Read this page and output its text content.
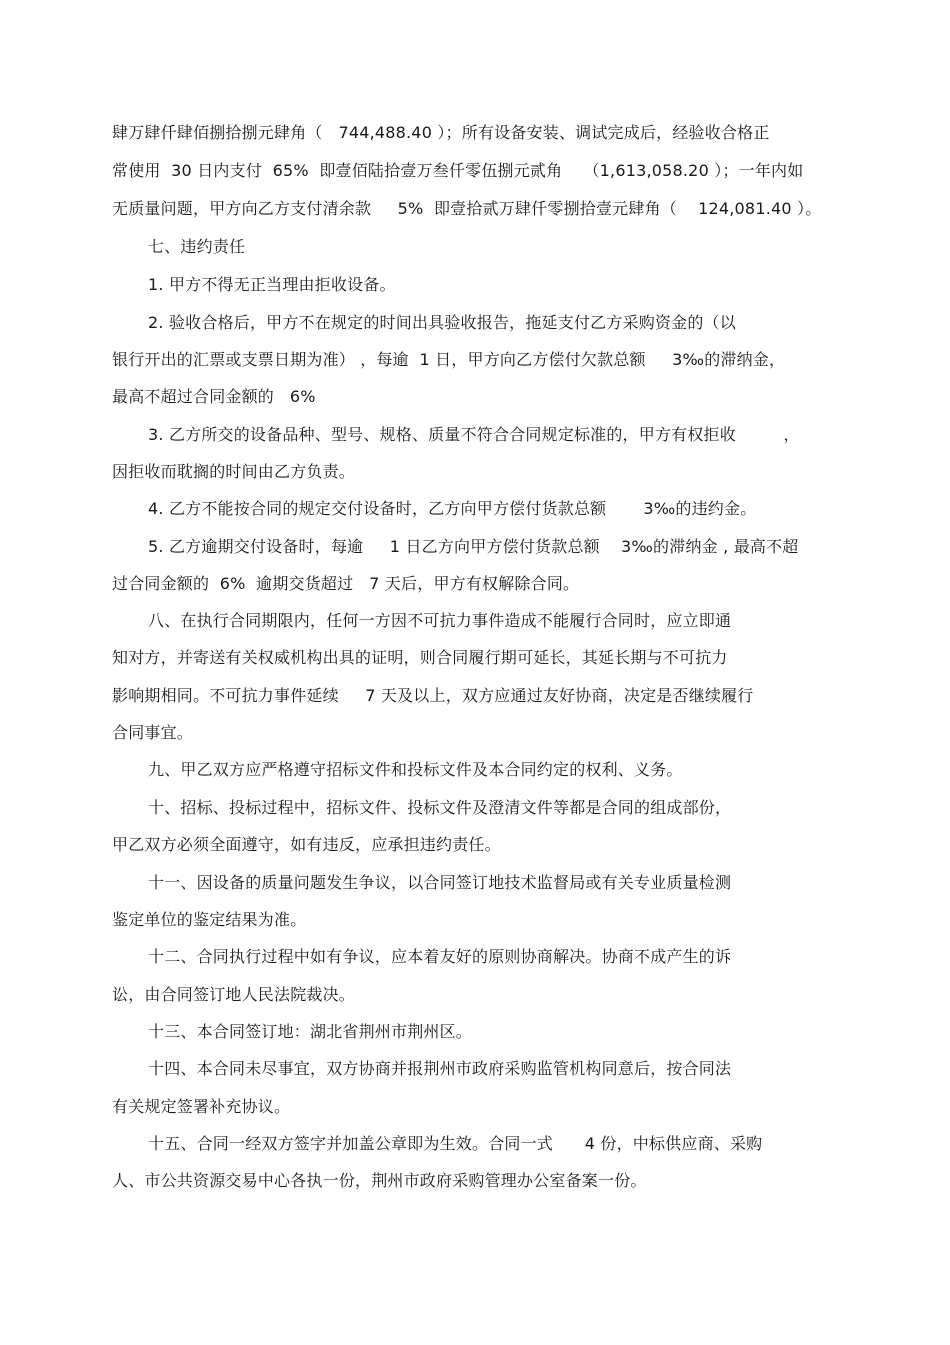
肆万肆仟肆佰捌拾捌元肆角（   744,488.40 ）；所有设备安装、调试完成后，经验收合格正
常使用  30 日内支付  65%  即壹佰陆拾壹万叁仟零伍捌元贰角    （1,613,058.20 ）；一年内如
无质量问题，甲方向乙方支付清余款     5%  即壹拾贰万肆仟零捌拾壹元肆角（    124,081.40 ）。
七、违约责任
1. 甲方不得无正当理由拒收设备。
2. 验收合格后，甲方不在规定的时间出具验收报告，拖延支付乙方采购资金的（以
银行开出的汇票或支票日期为准） ，每逾  1 日，甲方向乙方偿付欠款总额     3‰的滞纳金，
最高不超过合同金额的   6%
3. 乙方所交的设备品种、型号、规格、质量不符合合同规定标准的，甲方有权拒收         ，
因拒收而耽搁的时间由乙方负责。
4. 乙方不能按合同的规定交付设备时，乙方向甲方偿付货款总额       3‰的违约金。
5. 乙方逾期交付设备时，每逾     1 日乙方向甲方偿付货款总额    3‰的滞纳金 , 最高不超
过合同金额的  6%  逾期交货超过   7 天后，甲方有权解除合同。
八、在执行合同期限内，任何一方因不可抗力事件造成不能履行合同时，应立即通
知对方，并寄送有关权威机构出具的证明，则合同履行期可延长，其延长期与不可抗力
影响期相同。不可抗力事件延续     7 天及以上，双方应通过友好协商，决定是否继续履行
合同事宜。
九、甲乙双方应严格遵守招标文件和投标文件及本合同约定的权利、义务。
十、招标、投标过程中，招标文件、投标文件及澄清文件等都是合同的组成部份，
甲乙双方必须全面遵守，如有违反，应承担违约责任。
十一、因设备的质量问题发生争议，以合同签订地技术监督局或有关专业质量检测
鉴定单位的鉴定结果为准。
十二、合同执行过程中如有争议，应本着友好的原则协商解决。协商不成产生的诉
讼，由合同签订地人民法院裁决。
十三、本合同签订地：湖北省荆州市荆州区。
十四、本合同未尽事宜，双方协商并报荆州市政府采购监管机构同意后，按合同法
有关规定签署补充协议。
十五、合同一经双方签字并加盖公章即为生效。合同一式      4 份，中标供应商、采购
人、市公共资源交易中心各执一份，荆州市政府采购管理办公室备案一份。
